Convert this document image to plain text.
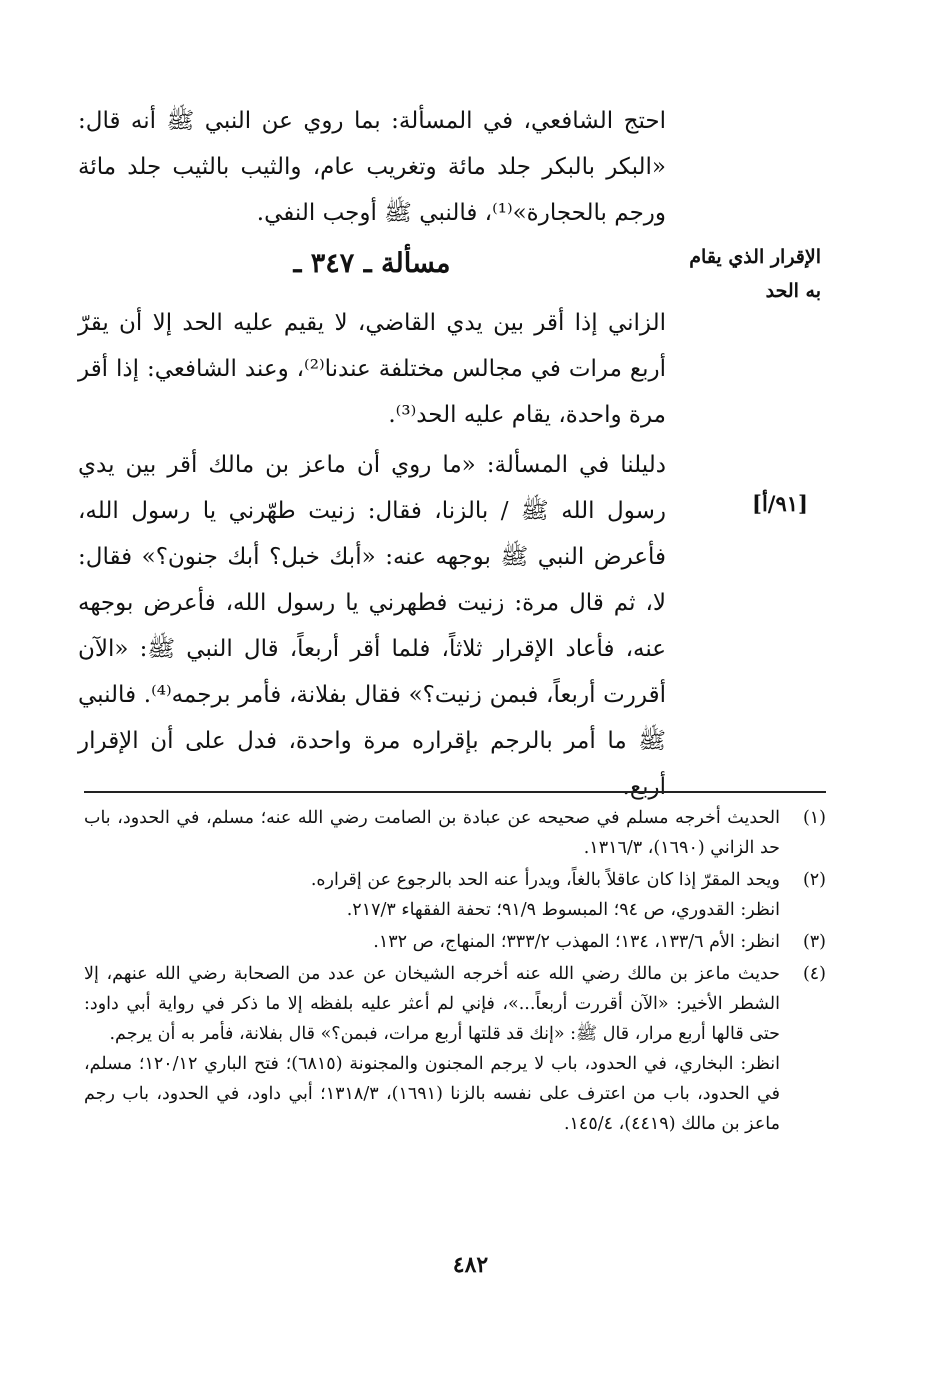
الإقرار الذي يقام به الحد
[٩١/أ]

احتج الشافعي، في المسألة: بما روي عن النبي ﷺ أنه قال: «البكر بالبكر جلد مائة وتغريب عام، والثيب بالثيب جلد مائة ورجم بالحجارة»⁽¹⁾، فالنبي ﷺ أوجب النفي.

مسألة ـ ٣٤٧ ـ

الزاني إذا أقر بين يدي القاضي، لا يقيم عليه الحد إلا أن يقرّ أربع مرات في مجالس مختلفة عندنا⁽²⁾، وعند الشافعي: إذا أقر مرة واحدة، يقام عليه الحد⁽³⁾.

دليلنا في المسألة: «ما روي أن ماعز بن مالك أقر بين يدي رسول الله ﷺ / بالزنا، فقال: زنيت طهّرني يا رسول الله، فأعرض النبي ﷺ بوجهه عنه: «أبك خبل؟ أبك جنون؟» فقال: لا، ثم قال مرة: زنيت فطهرني يا رسول الله، فأعرض بوجهه عنه، فأعاد الإقرار ثلاثاً، فلما أقر أربعاً، قال النبي ﷺ: «الآن أقررت أربعاً، فبمن زنيت؟» فقال بفلانة، فأمر برجمه⁽⁴⁾. فالنبي ﷺ ما أمر بالرجم بإقراره مرة واحدة، فدل على أن الإقرار أربع.

(١)
الحديث أخرجه مسلم في صحيحه عن عبادة بن الصامت رضي الله عنه؛ مسلم، في الحدود، باب حد الزاني (١٦٩٠)، ١٣١٦/٣.
(٢)
ويحد المقرّ إذا كان عاقلاً بالغاً، ويدرأ عنه الحد بالرجوع عن إقراره.
انظر: القدوري، ص ٩٤؛ المبسوط ٩١/٩؛ تحفة الفقهاء ٢١٧/٣.
(٣)
انظر: الأم ١٣٣/٦، ١٣٤؛ المهذب ٣٣٣/٢؛ المنهاج، ص ١٣٢.
(٤)
حديث ماعز بن مالك رضي الله عنه أخرجه الشيخان عن عدد من الصحابة رضي الله عنهم، إلا الشطر الأخير: «الآن أقررت أربعاً...»، فإني لم أعثر عليه بلفظه إلا ما ذكر في رواية أبي داود: حتى قالها أربع مرار، قال ﷺ: «إنك قد قلتها أربع مرات، فبمن؟» قال بفلانة، فأمر به أن يرجم.
انظر: البخاري، في الحدود، باب لا يرجم المجنون والمجنونة (٦٨١٥)؛ فتح الباري ١٢٠/١٢؛ مسلم، في الحدود، باب من اعترف على نفسه بالزنا (١٦٩١)، ١٣١٨/٣؛ أبي داود، في الحدود، باب رجم ماعز بن مالك (٤٤١٩)، ١٤٥/٤.
٤٨٢
